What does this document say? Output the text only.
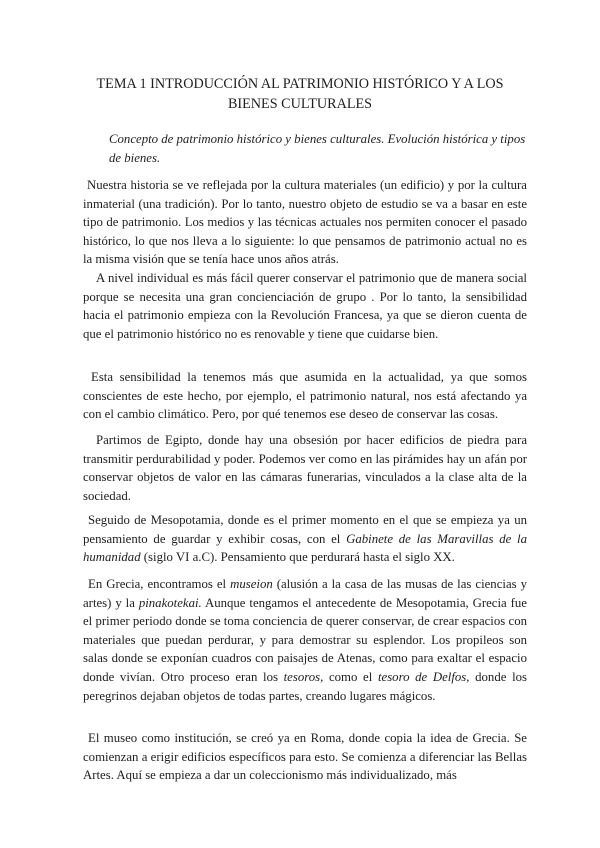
TEMA 1 INTRODUCCIÓN AL PATRIMONIO HISTÓRICO Y A LOS BIENES CULTURALES

Concepto de patrimonio histórico y bienes culturales. Evolución histórica y tipos de bienes.

Nuestra historia se ve reflejada por la cultura materiales (un edificio) y por la cultura inmaterial (una tradición). Por lo tanto, nuestro objeto de estudio se va a basar en este tipo de patrimonio. Los medios y las técnicas actuales nos permiten conocer el pasado histórico, lo que nos lleva a lo siguiente: lo que pensamos de patrimonio actual no es la misma visión que se tenía hace unos años atrás.

A nivel individual es más fácil querer conservar el patrimonio que de manera social porque se necesita una gran concienciación de grupo . Por lo tanto, la sensibilidad hacia el patrimonio empieza con la Revolución Francesa, ya que se dieron cuenta de que el patrimonio histórico no es renovable y tiene que cuidarse bien.

Esta sensibilidad la tenemos más que asumida en la actualidad, ya que somos conscientes de este hecho, por ejemplo, el patrimonio natural, nos está afectando ya con el cambio climático. Pero, por qué tenemos ese deseo de conservar las cosas.

Partimos de Egipto, donde hay una obsesión por hacer edificios de piedra para transmitir perdurabilidad y poder. Podemos ver como en las pirámides hay un afán por conservar objetos de valor en las cámaras funerarias, vinculados a la clase alta de la sociedad.

Seguido de Mesopotamia, donde es el primer momento en el que se empieza ya un pensamiento de guardar y exhibir cosas, con el Gabinete de las Maravillas de la humanidad (siglo VI a.C). Pensamiento que perdurará hasta el siglo XX.

En Grecia, encontramos el museion (alusión a la casa de las musas de las ciencias y artes) y la pinakotekai. Aunque tengamos el antecedente de Mesopotamia, Grecia fue el primer periodo donde se toma conciencia de querer conservar, de crear espacios con materiales que puedan perdurar, y para demostrar su esplendor. Los propileos son salas donde se exponían cuadros con paisajes de Atenas, como para exaltar el espacio donde vivían. Otro proceso eran los tesoros, como el tesoro de Delfos, donde los peregrinos dejaban objetos de todas partes, creando lugares mágicos.

El museo como institución, se creó ya en Roma, donde copia la idea de Grecia. Se comienzan a erigir edificios específicos para esto. Se comienza a diferenciar las Bellas Artes. Aquí se empieza a dar un coleccionismo más individualizado, más
